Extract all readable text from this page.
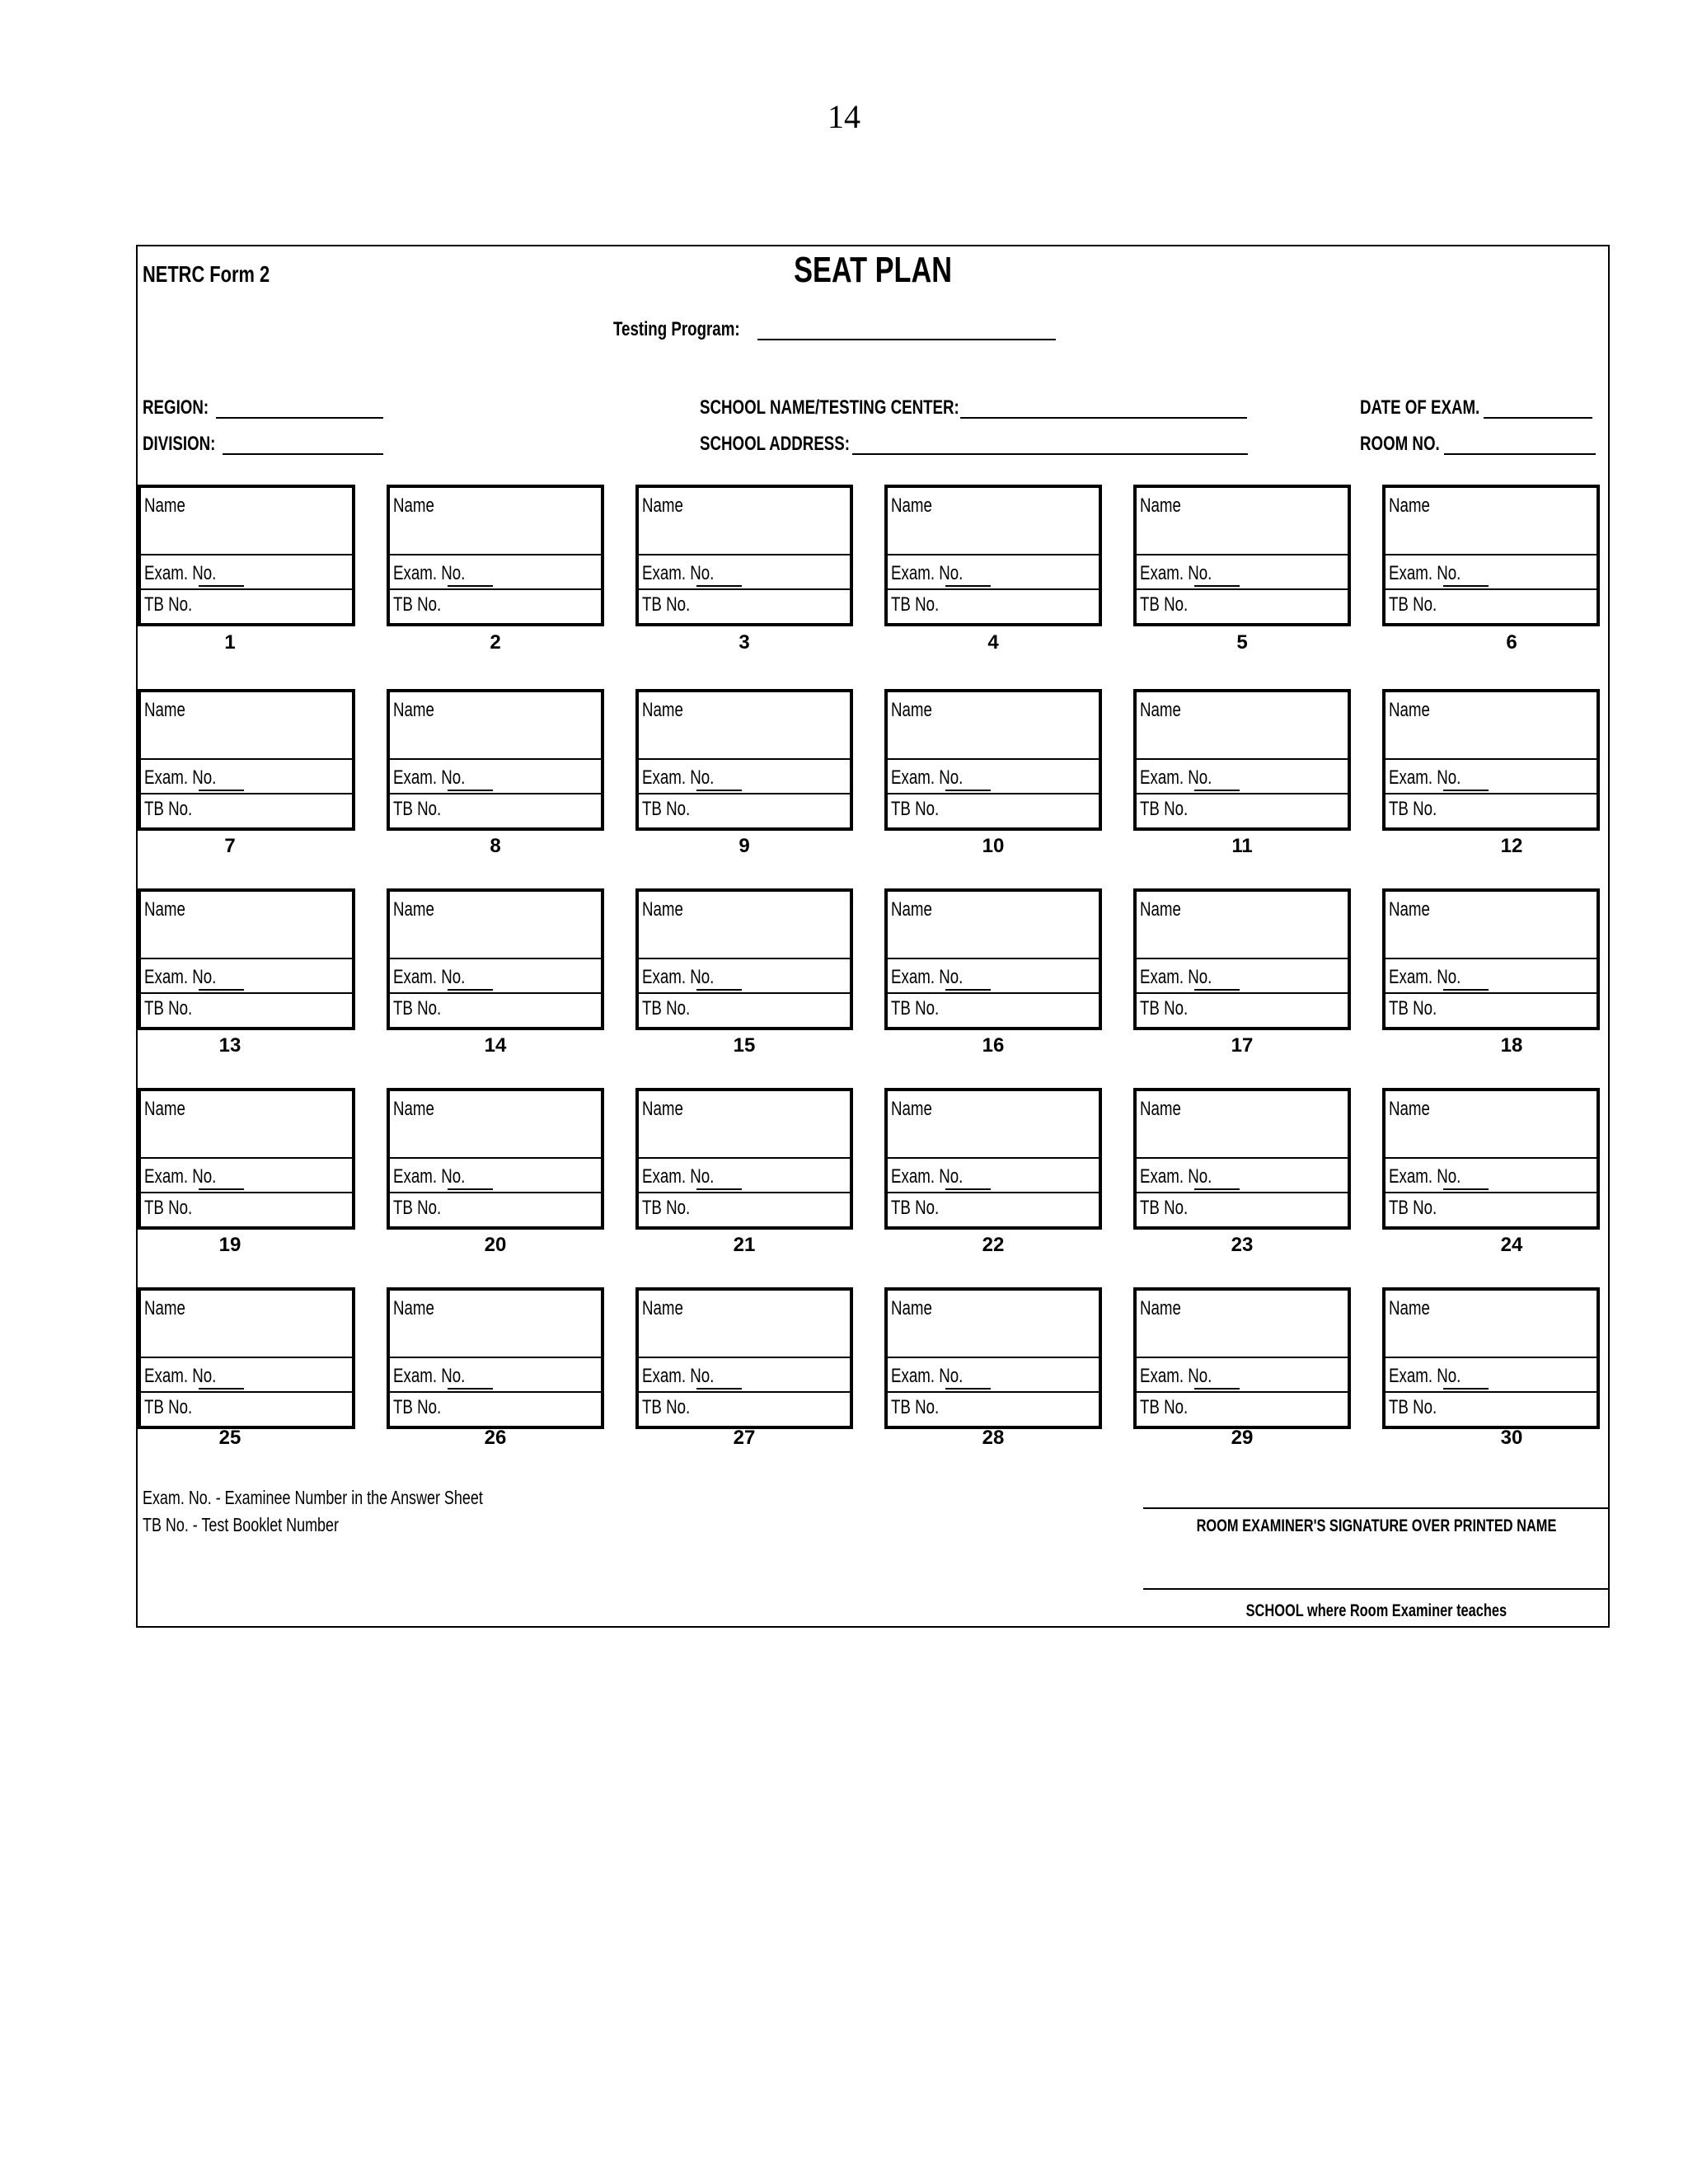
14
NETRC Form 2	SEAT PLAN
Testing Program:
REGION:
DIVISION:
SCHOOL NAME/TESTING CENTER:
SCHOOL ADDRESS:
DATE OF EXAM.
ROOM NO.
Name
Exam. No.
TB No.
1
Name
Exam. No.
TB No.
2
Name
Exam. No.
TB No.
3
Name
Exam. No.
TB No.
4
Name
Exam. No.
TB No.
5
Name
Exam. No.
TB No.
6
Name
Exam. No.
TB No.
7
Name
Exam. No.
TB No.
8
Name
Exam. No.
TB No.
9
Name
Exam. No.
TB No.
10
Name
Exam. No.
TB No.
11
Name
Exam. No.
TB No.
12
Name
Exam. No.
TB No.
13
Name
Exam. No.
TB No.
14
Name
Exam. No.
TB No.
15
Name
Exam. No.
TB No.
16
Name
Exam. No.
TB No.
17
Name
Exam. No.
TB No.
18
Name
Exam. No.
TB No.
19
Name
Exam. No.
TB No.
20
Name
Exam. No.
TB No.
21
Name
Exam. No.
TB No.
22
Name
Exam. No.
TB No.
23
Name
Exam. No.
TB No.
24
Name
Exam. No.
TB No.
25
Name
Exam. No.
TB No.
26
Name
Exam. No.
TB No.
27
Name
Exam. No.
TB No.
28
Name
Exam. No.
TB No.
29
Name
Exam. No.
TB No.
30
Exam. No. - Examinee Number in the Answer Sheet
TB No. - Test Booklet Number	ROOM EXAMINER'S SIGNATURE OVER PRINTED NAME
SCHOOL where Room Examiner teaches
